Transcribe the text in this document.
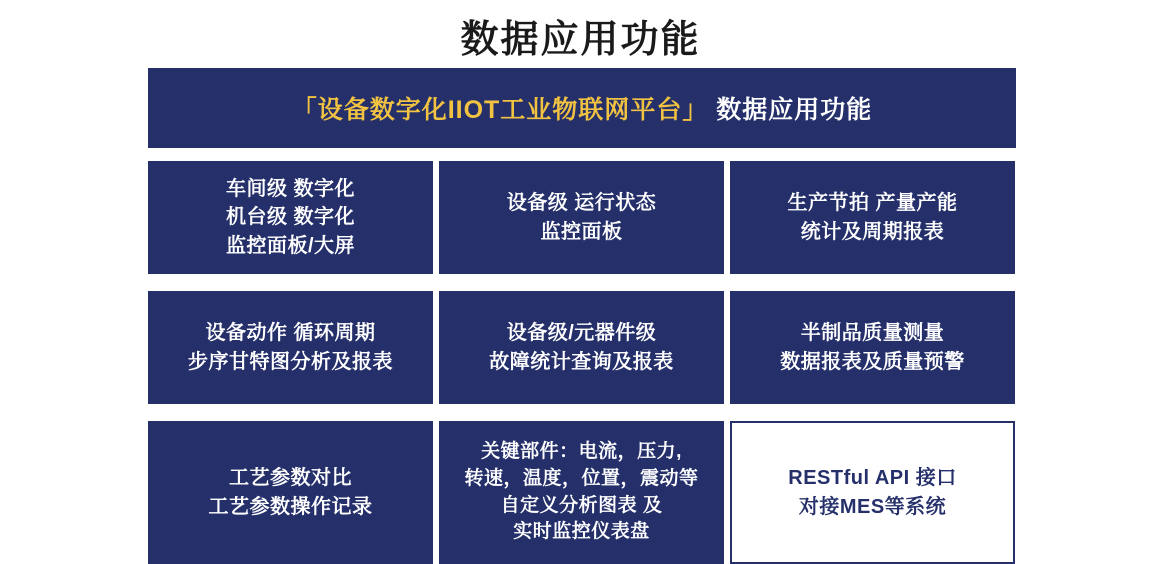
数据应用功能
「设备数字化IIOT工业物联网平台」 数据应用功能
车间级 数字化
机台级 数字化
监控面板/大屏
设备级 运行状态
监控面板
生产节拍 产量产能
统计及周期报表
设备动作 循环周期
步序甘特图分析及报表
设备级/元器件级
故障统计查询及报表
半制品质量测量
数据报表及质量预警
工艺参数对比
工艺参数操作记录
关键部件：电流，压力,
转速，温度，位置，震动等
自定义分析图表 及
实时监控仪表盘
RESTful API 接口
对接MES等系统
